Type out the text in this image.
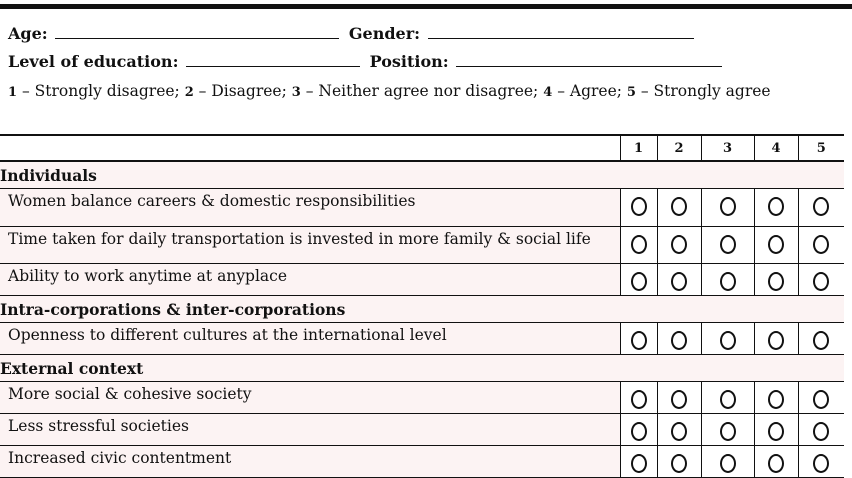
Age:	Gender:
Level of education:	Position:
1 – Strongly disagree; 2 – Disagree; 3 – Neither agree nor disagree; 4 – Agree; 5 – Strongly agree
	1	2	3	4	5
Individuals					
Women balance careers & domestic responsibilities					
Time taken for daily transportation is invested in more family & social life					
Ability to work anytime at anyplace					
Intra-corporations & inter-corporations					
Openness to different cultures at the international level					
External context					
More social & cohesive society					
Less stressful societies					
Increased civic contentment					
